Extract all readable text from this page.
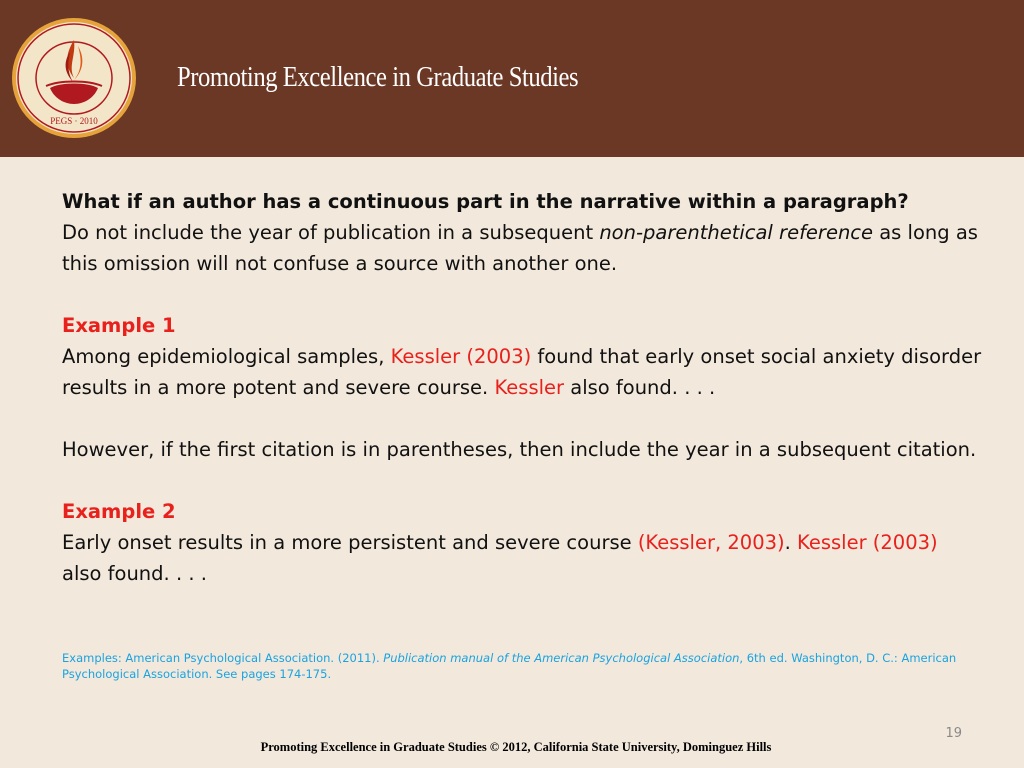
PEGS · 2010
Promoting Excellence in Graduate Studies

What if an author has a continuous part in the narrative within a paragraph?

Do not include the year of publication in a subsequent non-parenthetical reference as long as this omission will not confuse a source with another one.

Example 1

Among epidemiological samples, Kessler (2003) found that early onset social anxiety disorder results in a more potent and severe course. Kessler also found. . . .

However, if the first citation is in parentheses, then include the year in a subsequent citation.

Example 2

Early onset results in a more persistent and severe course (Kessler, 2003). Kessler (2003) also found. . . .

Examples: American Psychological Association. (2011). Publication manual of the American Psychological Association, 6th ed. Washington, D. C.: American Psychological Association. See pages 174-175.
19
Promoting Excellence in Graduate Studies © 2012, California State University, Dominguez Hills
